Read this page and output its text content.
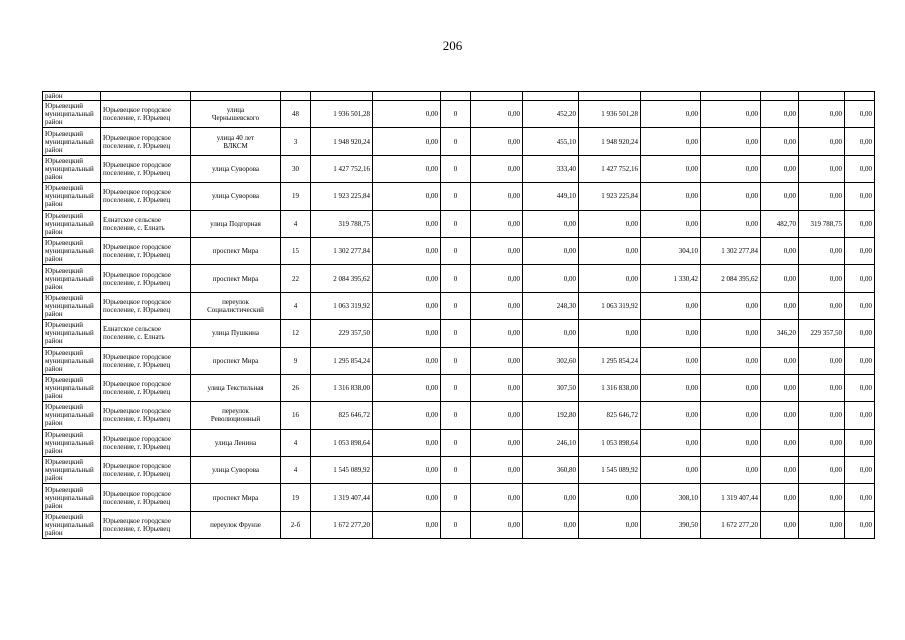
206
район														
Юрьевецкий
муниципальный
район	Юрьевецкое городское
поселение, г. Юрьевец	улица
Чернышевского	48	1 936 501,28	0,00	0	0,00	452,20	1 936 501,28	0,00	0,00	0,00	0,00	0,00
Юрьевецкий
муниципальный
район	Юрьевецкое городское
поселение, г. Юрьевец	улица 40 лет
ВЛКСМ	3	1 948 920,24	0,00	0	0,00	455,10	1 948 920,24	0,00	0,00	0,00	0,00	0,00
Юрьевецкий
муниципальный
район	Юрьевецкое городское
поселение, г. Юрьевец	улица Суворова	30	1 427 752,16	0,00	0	0,00	333,40	1 427 752,16	0,00	0,00	0,00	0,00	0,00
Юрьевецкий
муниципальный
район	Юрьевецкое городское
поселение, г. Юрьевец	улица Суворова	19	1 923 225,84	0,00	0	0,00	449,10	1 923 225,84	0,00	0,00	0,00	0,00	0,00
Юрьевецкий
муниципальный
район	Елнатское сельское
поселение, с. Елнать	улица Подгорная	4	319 788,75	0,00	0	0,00	0,00	0,00	0,00	0,00	482,70	319 788,75	0,00
Юрьевецкий
муниципальный
район	Юрьевецкое городское
поселение, г. Юрьевец	проспект Мира	15	1 302 277,84	0,00	0	0,00	0,00	0,00	304,10	1 302 277,84	0,00	0,00	0,00
Юрьевецкий
муниципальный
район	Юрьевецкое городское
поселение, г. Юрьевец	проспект Мира	22	2 084 395,62	0,00	0	0,00	0,00	0,00	1 330,42	2 084 395,62	0,00	0,00	0,00
Юрьевецкий
муниципальный
район	Юрьевецкое городское
поселение, г. Юрьевец	переулок
Социалистический	4	1 063 319,92	0,00	0	0,00	248,30	1 063 319,92	0,00	0,00	0,00	0,00	0,00
Юрьевецкий
муниципальный
район	Елнатское сельское
поселение, с. Елнать	улица Пушкина	12	229 357,50	0,00	0	0,00	0,00	0,00	0,00	0,00	346,20	229 357,50	0,00
Юрьевецкий
муниципальный
район	Юрьевецкое городское
поселение, г. Юрьевец	проспект Мира	9	1 295 854,24	0,00	0	0,00	302,60	1 295 854,24	0,00	0,00	0,00	0,00	0,00
Юрьевецкий
муниципальный
район	Юрьевецкое городское
поселение, г. Юрьевец	улица Текстильная	26	1 316 838,00	0,00	0	0,00	307,50	1 316 838,00	0,00	0,00	0,00	0,00	0,00
Юрьевецкий
муниципальный
район	Юрьевецкое городское
поселение, г. Юрьевец	переулок
Революционный	16	825 646,72	0,00	0	0,00	192,80	825 646,72	0,00	0,00	0,00	0,00	0,00
Юрьевецкий
муниципальный
район	Юрьевецкое городское
поселение, г. Юрьевец	улица Ленина	4	1 053 898,64	0,00	0	0,00	246,10	1 053 898,64	0,00	0,00	0,00	0,00	0,00
Юрьевецкий
муниципальный
район	Юрьевецкое городское
поселение, г. Юрьевец	улица Суворова	4	1 545 089,92	0,00	0	0,00	360,80	1 545 089,92	0,00	0,00	0,00	0,00	0,00
Юрьевецкий
муниципальный
район	Юрьевецкое городское
поселение, г. Юрьевец	проспект Мира	19	1 319 407,44	0,00	0	0,00	0,00	0,00	308,10	1 319 407,44	0,00	0,00	0,00
Юрьевецкий
муниципальный
район	Юрьевецкое городское
поселение, г. Юрьевец	переулок Фрунзе	2-б	1 672 277,20	0,00	0	0,00	0,00	0,00	390,50	1 672 277,20	0,00	0,00	0,00
